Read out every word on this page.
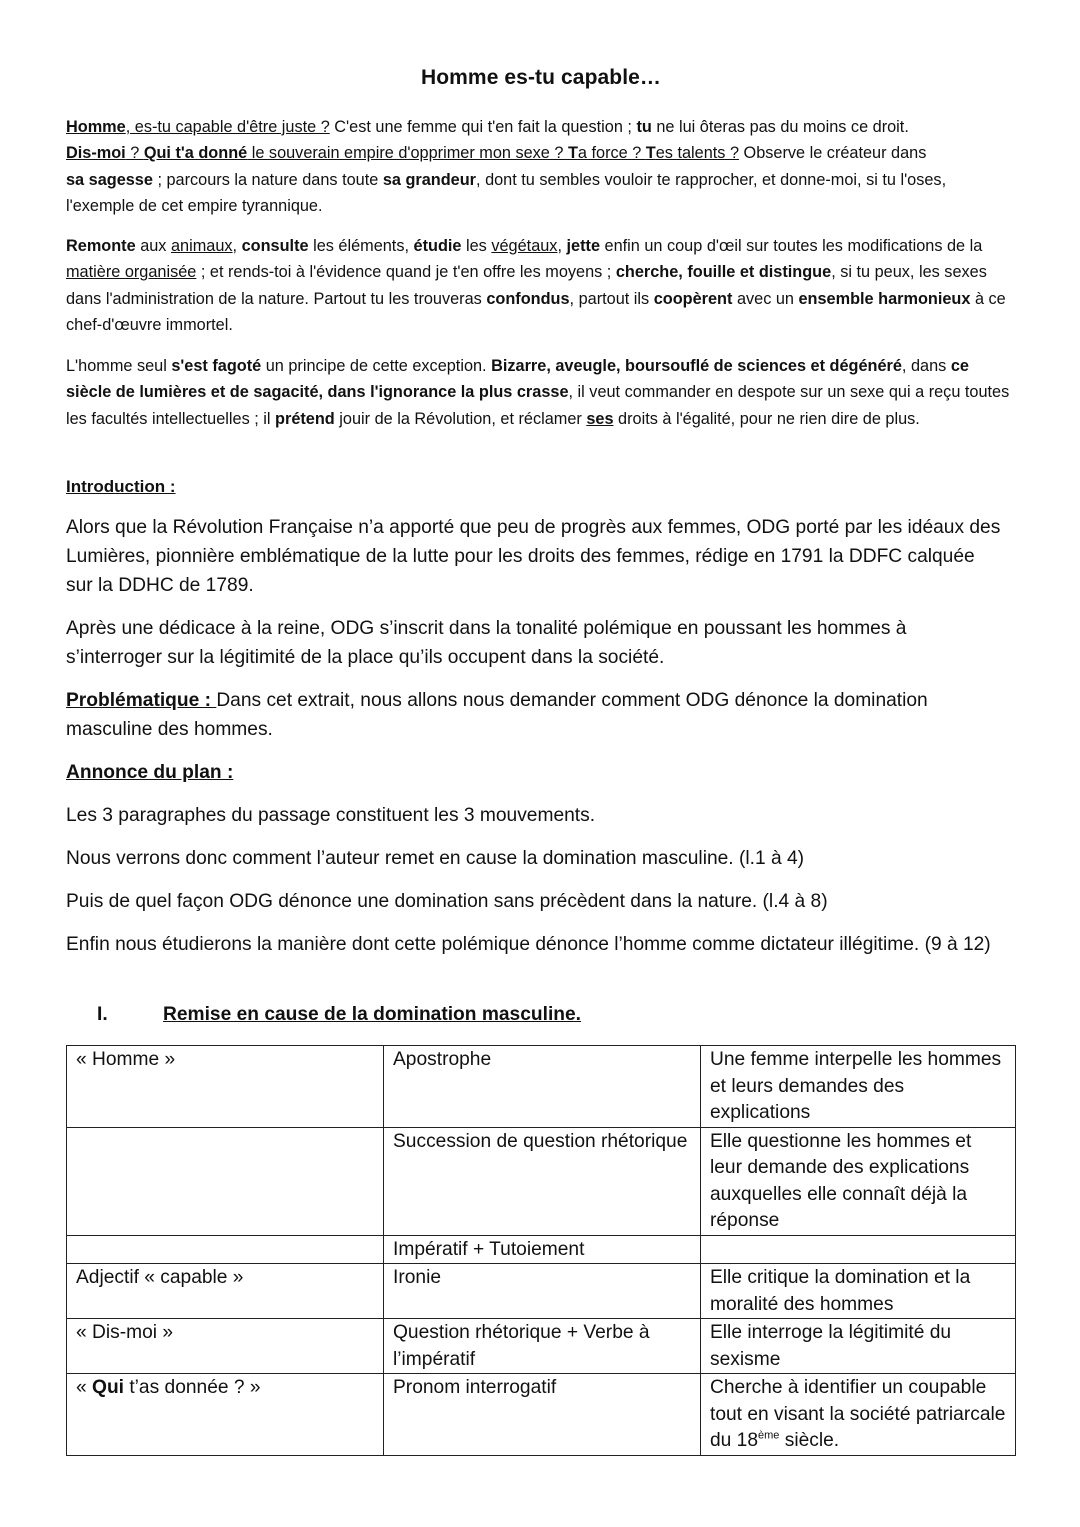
Homme es-tu capable…

Homme, es-tu capable d'être juste ? C'est une femme qui t'en fait la question ; tu ne lui ôteras pas du moins ce droit.
Dis-moi ? Qui t'a donné le souverain empire d'opprimer mon sexe ? Ta force ? Tes talents ? Observe le créateur dans
sa sagesse ; parcours la nature dans toute sa grandeur, dont tu sembles vouloir te rapprocher, et donne-moi, si tu l'oses, l'exemple de cet empire tyrannique.

Remonte aux animaux, consulte les éléments, étudie les végétaux, jette enfin un coup d'œil sur toutes les modifications de la matière organisée ; et rends-toi à l'évidence quand je t'en offre les moyens ; cherche, fouille et distingue, si tu peux, les sexes dans l'administration de la nature. Partout tu les trouveras confondus, partout ils coopèrent avec un ensemble harmonieux à ce chef-d'œuvre immortel.

L'homme seul s'est fagoté un principe de cette exception. Bizarre, aveugle, boursouflé de sciences et dégénéré, dans ce siècle de lumières et de sagacité, dans l'ignorance la plus crasse, il veut commander en despote sur un sexe qui a reçu toutes les facultés intellectuelles ; il prétend jouir de la Révolution, et réclamer ses droits à l'égalité, pour ne rien dire de plus.

Introduction :

Alors que la Révolution Française n’a apporté que peu de progrès aux femmes, ODG porté par les idéaux des Lumières, pionnière emblématique de la lutte pour les droits des femmes, rédige en 1791 la DDFC calquée sur la DDHC de 1789.

Après une dédicace à la reine, ODG s’inscrit dans la tonalité polémique en poussant les hommes à s’interroger sur la légitimité de la place qu’ils occupent dans la société.

Problématique : Dans cet extrait, nous allons nous demander comment ODG dénonce la domination masculine des hommes.

Annonce du plan :

Les 3 paragraphes du passage constituent les 3 mouvements.

Nous verrons donc comment l’auteur remet en cause la domination masculine. (l.1 à 4)

Puis de quel façon ODG dénonce une domination sans précèdent dans la nature. (l.4 à 8)

Enfin nous étudierons la manière dont cette polémique dénonce l’homme comme dictateur illégitime. (9 à 12)

I.	Remise en cause de la domination masculine.
« Homme »	Apostrophe	Une femme interpelle les hommes et leurs demandes des explications
	Succession de question rhétorique	Elle questionne les hommes et leur demande des explications auxquelles elle connaît déjà la réponse
	Impératif + Tutoiement	
Adjectif « capable »	Ironie	Elle critique la domination et la moralité des hommes
« Dis-moi »	Question rhétorique + Verbe à l’impératif	Elle interroge la légitimité du sexisme
« Qui t’as donnée ? »	Pronom interrogatif	Cherche à identifier un coupable tout en visant la société patriarcale du 18ème siècle.
